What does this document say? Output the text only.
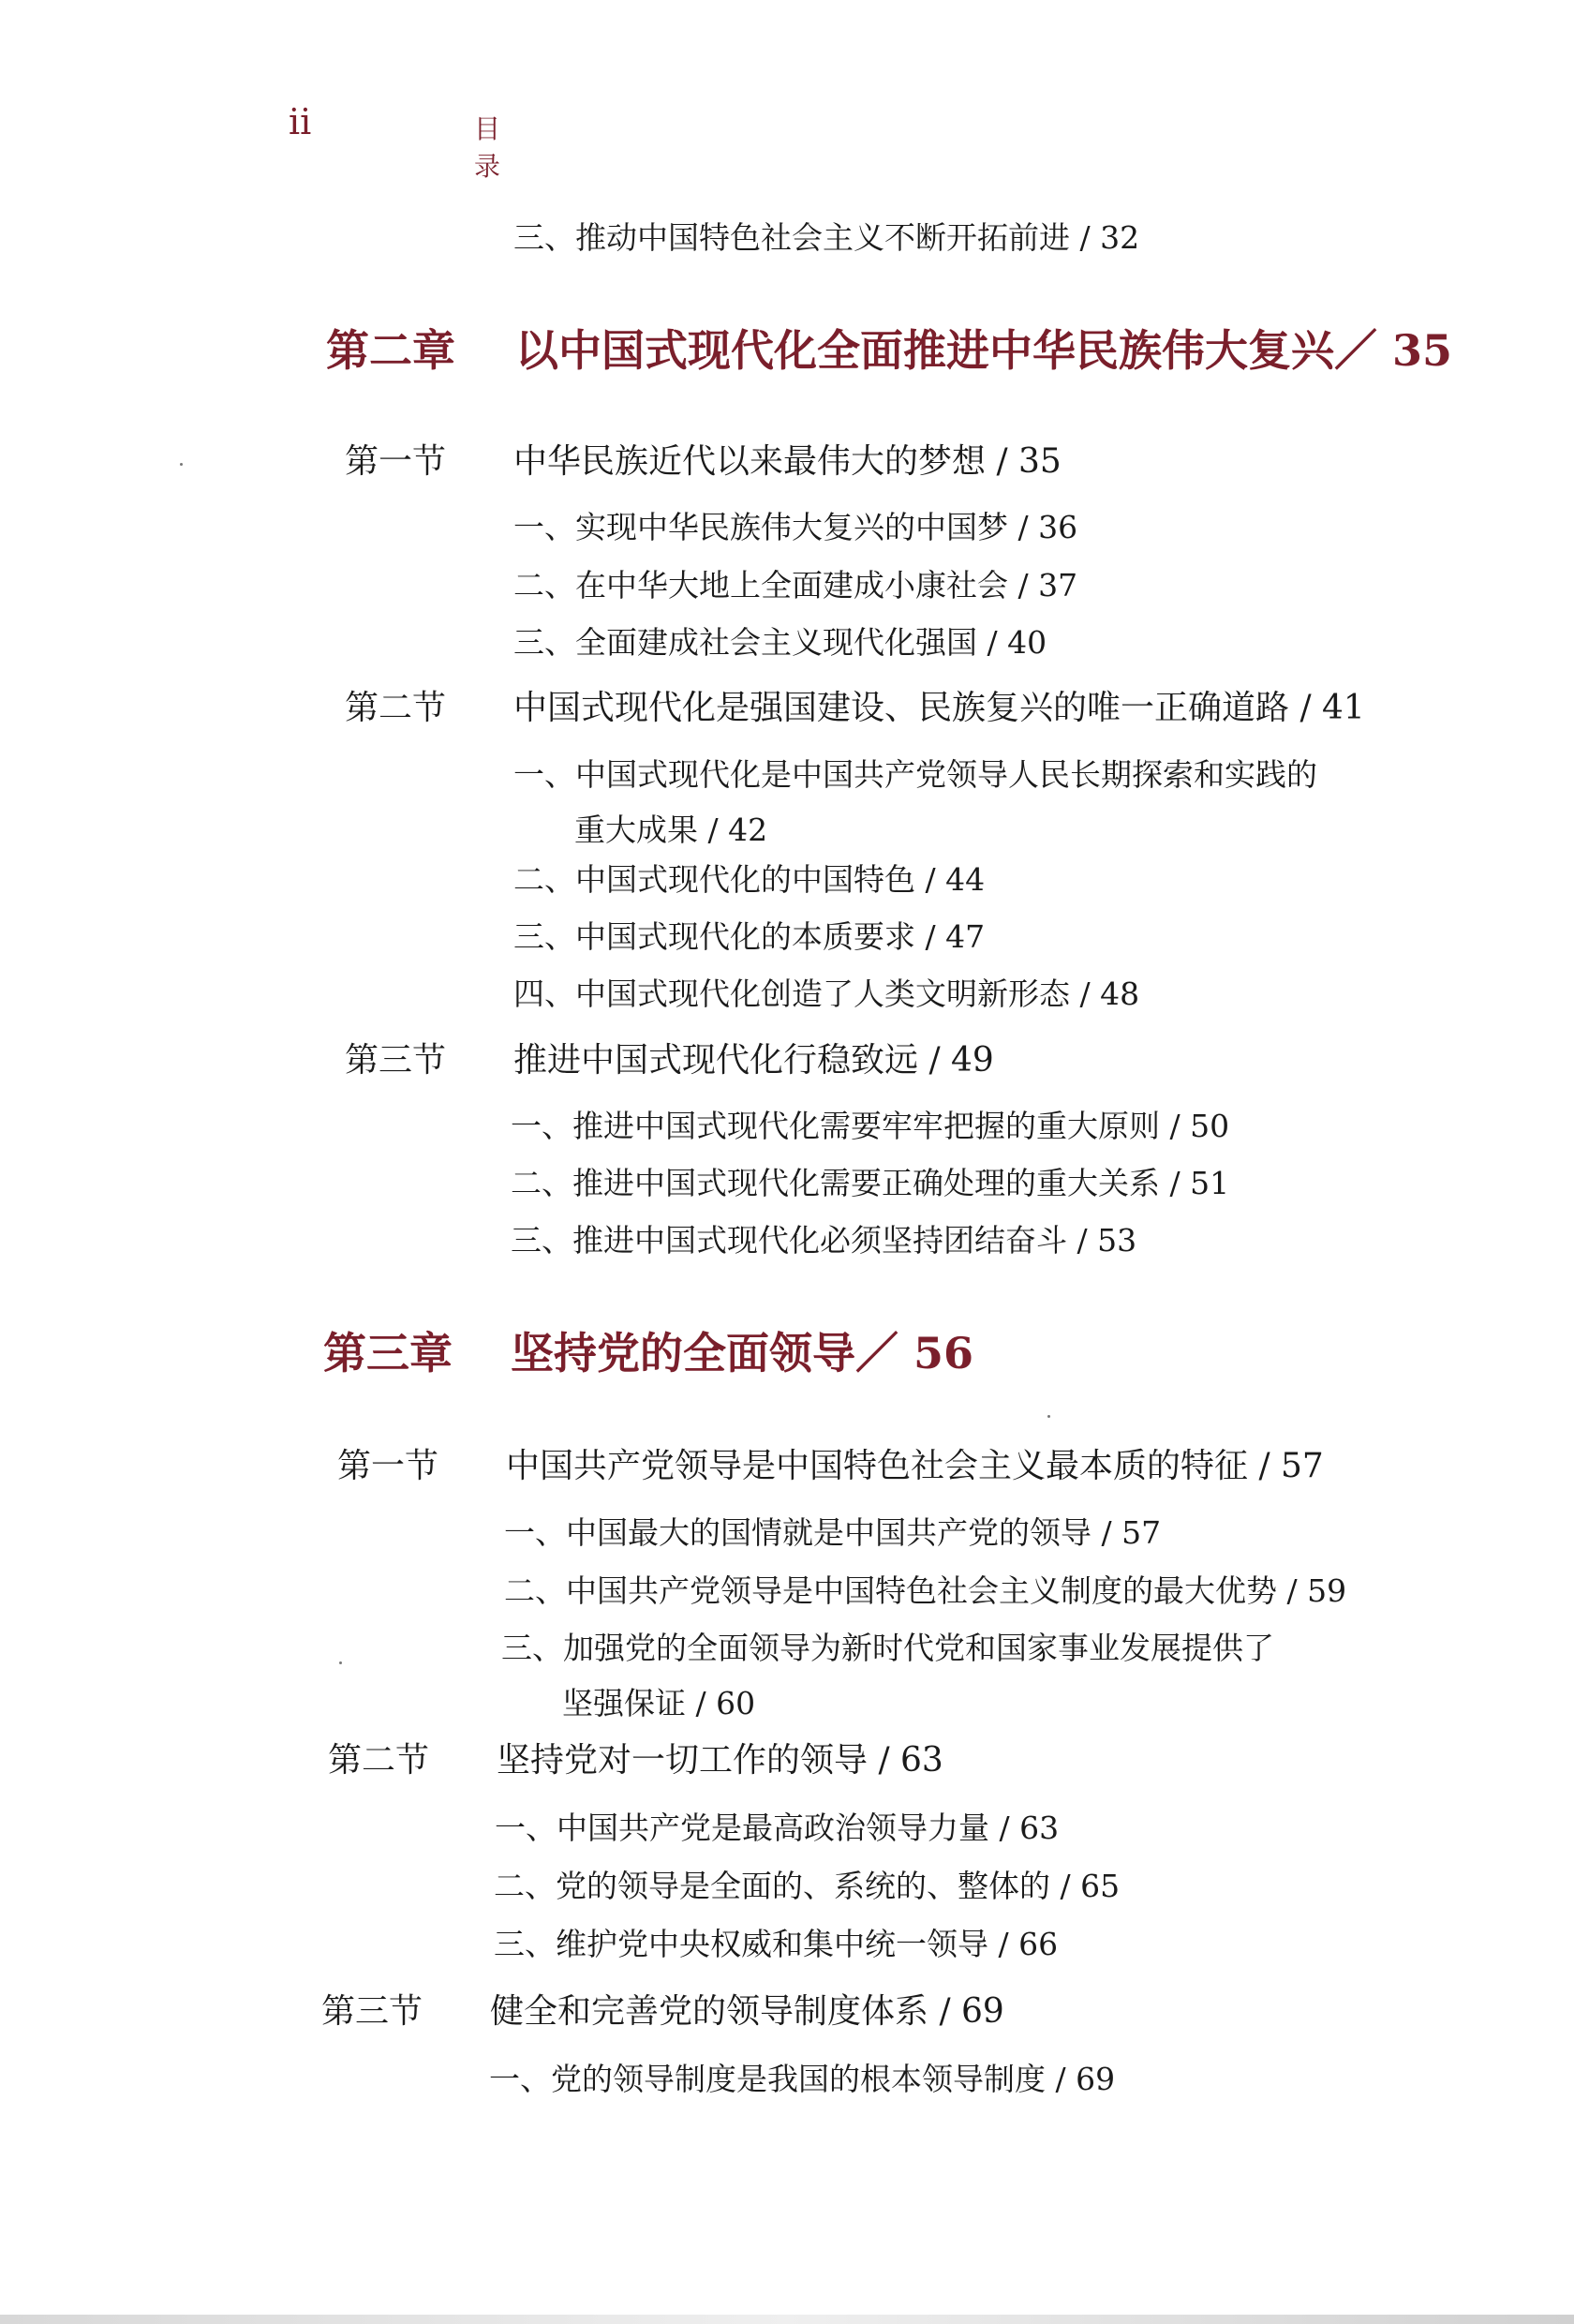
ii	目录
三、推动中国特色社会主义不断开拓前进 / 32
第二章 以中国式现代化全面推进中华民族伟大复兴／ 35
第一节 中华民族近代以来最伟大的梦想 / 35
一、实现中华民族伟大复兴的中国梦 / 36
二、在中华大地上全面建成小康社会 / 37
三、全面建成社会主义现代化强国 / 40
第二节 中国式现代化是强国建设、民族复兴的唯一正确道路 / 41
一、中国式现代化是中国共产党领导人民长期探索和实践的
重大成果 / 42
二、中国式现代化的中国特色 / 44
三、中国式现代化的本质要求 / 47
四、中国式现代化创造了人类文明新形态 / 48
第三节 推进中国式现代化行稳致远 / 49
一、推进中国式现代化需要牢牢把握的重大原则 / 50
二、推进中国式现代化需要正确处理的重大关系 / 51
三、推进中国式现代化必须坚持团结奋斗 / 53
第三章 坚持党的全面领导／ 56
第一节 中国共产党领导是中国特色社会主义最本质的特征 / 57
一、中国最大的国情就是中国共产党的领导 / 57
二、中国共产党领导是中国特色社会主义制度的最大优势 / 59
三、加强党的全面领导为新时代党和国家事业发展提供了
坚强保证 / 60
第二节 坚持党对一切工作的领导 / 63
一、中国共产党是最高政治领导力量 / 63
二、党的领导是全面的、系统的、整体的 / 65
三、维护党中央权威和集中统一领导 / 66
第三节 健全和完善党的领导制度体系 / 69
一、党的领导制度是我国的根本领导制度 / 69
